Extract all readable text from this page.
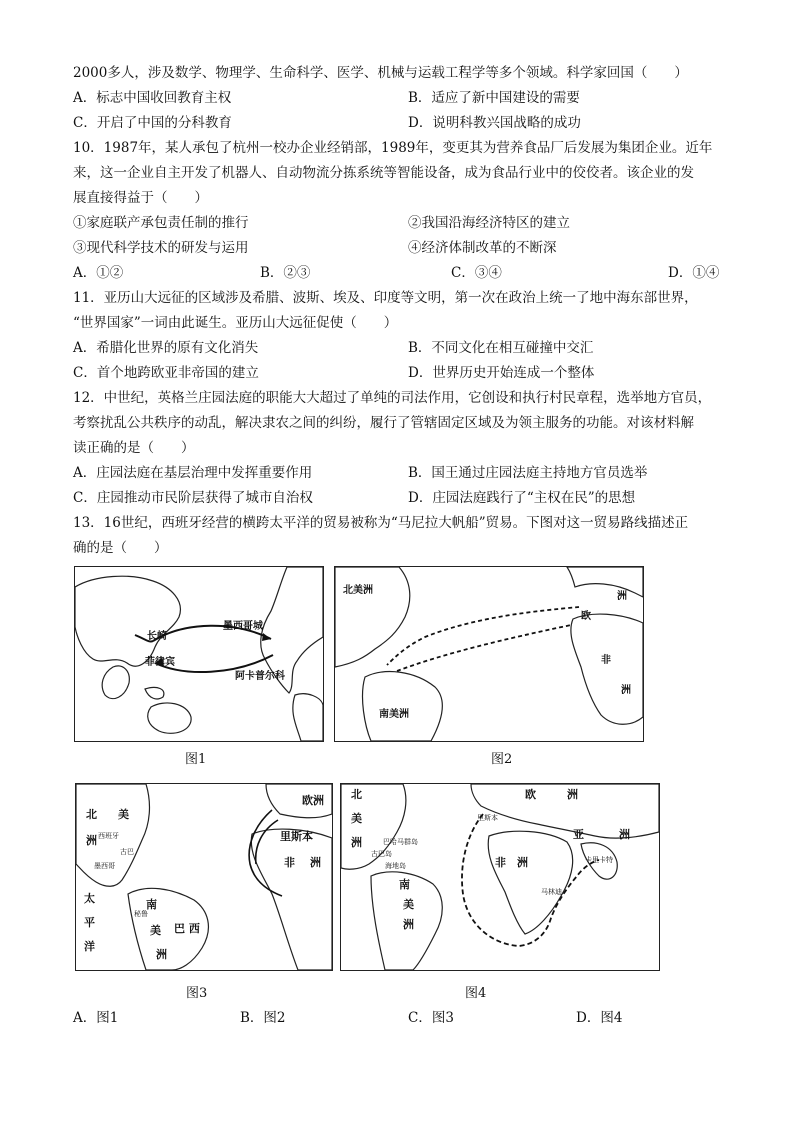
2000多人，涉及数学、物理学、生命科学、医学、机械与运载工程学等多个领域。科学家回国（　　）
A．标志中国收回教育主权	B．适应了新中国建设的需要
C．开启了中国的分科教育	D．说明科教兴国战略的成功
10．1987年，某人承包了杭州一校办企业经销部，1989年，变更其为营养食品厂后发展为集团企业。近年
来，这一企业自主开发了机器人、自动物流分拣系统等智能设备，成为食品行业中的佼佼者。该企业的发
展直接得益于（　　）
①家庭联产承包责任制的推行	②我国沿海经济特区的建立
③现代科学技术的研发与运用	④经济体制改革的不断深
A．①②	B．②③	C．③④	D．①④
11．亚历山大远征的区域涉及希腊、波斯、埃及、印度等文明，第一次在政治上统一了地中海东部世界，
“世界国家”一词由此诞生。亚历山大远征促使（　　）
A．希腊化世界的原有文化消失	B．不同文化在相互碰撞中交汇
C．首个地跨欧亚非帝国的建立	D．世界历史开始连成一个整体
12．中世纪，英格兰庄园法庭的职能大大超过了单纯的司法作用，它创设和执行村民章程，选举地方官员，
考察扰乱公共秩序的动乱，解决隶农之间的纠纷，履行了管辖固定区域及为领主服务的功能。对该材料解
读正确的是（　　）
A．庄园法庭在基层治理中发挥重要作用	B．国王通过庄园法庭主持地方官员选举
C．庄园推动市民阶层获得了城市自治权	D．庄园法庭践行了“主权在民”的思想
13．16世纪，西班牙经营的横跨太平洋的贸易被称为“马尼拉大帆船”贸易。下图对这一贸易路线描述正
确的是（　　）
长崎
墨西哥城
菲律宾
阿卡普尔科
图1
北美洲
南美洲
欧
洲
非
洲
图2
北 美
洲
太
平
洋
南
美
洲
欧洲
里斯本
非 洲
巴 西
西班牙
古巴
墨西哥
秘鲁
图3
北
美
洲
南
美
洲
欧	洲
亚	洲
非 洲
马林迪
卡里卡特
里斯本
古巴岛
巴哈马群岛
海地岛
图4
A．图1	B．图2	C．图3	D．图4
